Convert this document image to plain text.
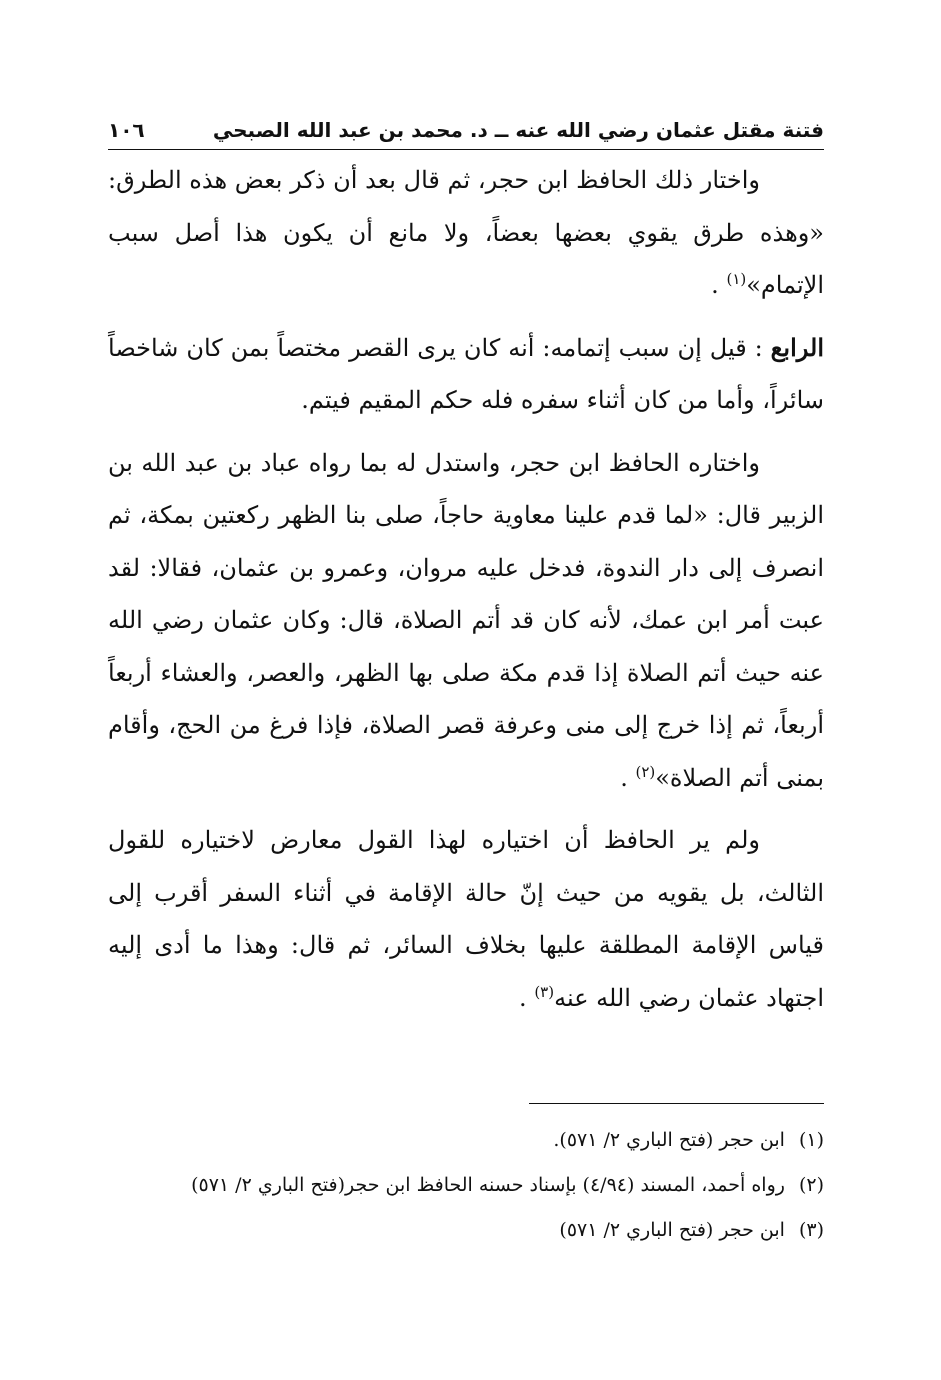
فتنة مقتل عثمان رضي الله عنه ــ د. محمد بن عبد الله الصبحي
١٠٦

واختار ذلك الحافظ ابن حجر، ثم قال بعد أن ذكر بعض هذه الطرق: «وهذه طرق يقوي بعضها بعضاً، ولا مانع أن يكون هذا أصل سبب الإتمام»$^{(١)}$ .

الرابع : قيل إن سبب إتمامه: أنه كان يرى القصر مختصاً بمن كان شاخصاً سائراً، وأما من كان أثناء سفره فله حكم المقيم فيتم.

واختاره الحافظ ابن حجر، واستدل له بما رواه عباد بن عبد الله بن الزبير قال: «لما قدم علينا معاوية حاجاً، صلى بنا الظهر ركعتين بمكة، ثم انصرف إلى دار الندوة، فدخل عليه مروان، وعمرو بن عثمان، فقالا: لقد عبت أمر ابن عمك، لأنه كان قد أتم الصلاة، قال: وكان عثمان رضي الله عنه حيث أتم الصلاة إذا قدم مكة صلى بها الظهر، والعصر، والعشاء أربعاً أربعاً، ثم إذا خرج إلى منى وعرفة قصر الصلاة، فإذا فرغ من الحج، وأقام بمنى أتم الصلاة»$^{(٢)}$ .

ولم ير الحافظ أن اختياره لهذا القول معارض لاختياره للقول الثالث، بل يقويه من حيث إنّ حالة الإقامة في أثناء السفر أقرب إلى قياس الإقامة المطلقة عليها بخلاف السائر، ثم قال: وهذا ما أدى إليه اجتهاد عثمان رضي الله عنه$^{(٣)}$ .

(١)ابن حجر (فتح الباري ٢/ ٥٧١).

(٢)رواه أحمد، المسند (٤/٩٤) بإسناد حسنه الحافظ ابن حجر(فتح الباري ٢/ ٥٧١)

(٣)ابن حجر (فتح الباري ٢/ ٥٧١)
